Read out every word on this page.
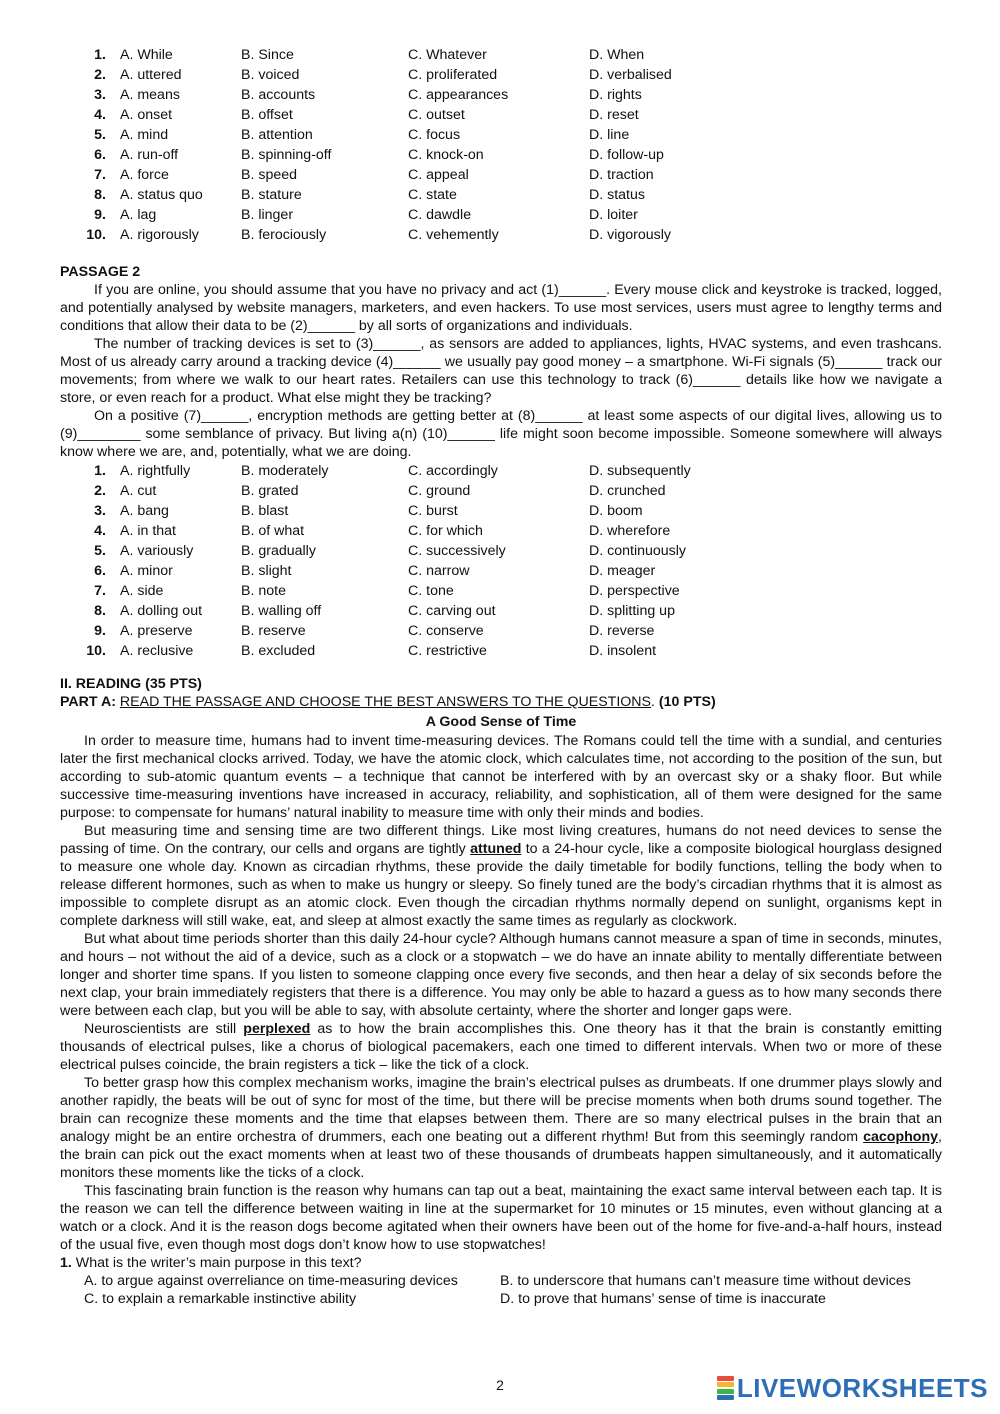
1.	A. While	B. Since	C. Whatever	D. When
2.	A. uttered	B. voiced	C. proliferated	D. verbalised
3.	A. means	B. accounts	C. appearances	D. rights
4.	A. onset	B. offset	C. outset	D. reset
5.	A. mind	B. attention	C. focus	D. line
6.	A. run-off	B. spinning-off	C. knock-on	D. follow-up
7.	A. force	B. speed	C. appeal	D. traction
8.	A. status quo	B. stature	C. state	D. status
9.	A. lag	B. linger	C. dawdle	D. loiter
10.	A. rigorously	B. ferociously	C. vehemently	D. vigorously
PASSAGE 2

If you are online, you should assume that you have no privacy and act (1)______. Every mouse click and keystroke is tracked, logged, and potentially analysed by website managers, marketers, and even hackers. To use most services, users must agree to lengthy terms and conditions that allow their data to be (2)______ by all sorts of organizations and individuals.

The number of tracking devices is set to (3)______, as sensors are added to appliances, lights, HVAC systems, and even trashcans. Most of us already carry around a tracking device (4)______ we usually pay good money – a smartphone. Wi-Fi signals (5)______ track our movements; from where we walk to our heart rates. Retailers can use this technology to track (6)______ details like how we navigate a store, or even reach for a product. What else might they be tracking?

On a positive (7)______, encryption methods are getting better at (8)______ at least some aspects of our digital lives, allowing us to (9)________ some semblance of privacy. But living a(n) (10)______ life might soon become impossible. Someone somewhere will always know where we are, and, potentially, what we are doing.

1.	A. rightfully	B. moderately	C. accordingly	D. subsequently
2.	A. cut	B. grated	C. ground	D. crunched
3.	A. bang	B. blast	C. burst	D. boom
4.	A. in that	B. of what	C. for which	D. wherefore
5.	A. variously	B. gradually	C. successively	D. continuously
6.	A. minor	B. slight	C. narrow	D. meager
7.	A. side	B. note	C. tone	D. perspective
8.	A. dolling out	B. walling off	C. carving out	D. splitting up
9.	A. preserve	B. reserve	C. conserve	D. reverse
10.	A. reclusive	B. excluded	C. restrictive	D. insolent
II. READING (35 PTS)
PART A: READ THE PASSAGE AND CHOOSE THE BEST ANSWERS TO THE QUESTIONS. (10 PTS)
A Good Sense of Time

In order to measure time, humans had to invent time-measuring devices. The Romans could tell the time with a sundial, and centuries later the first mechanical clocks arrived. Today, we have the atomic clock, which calculates time, not according to the position of the sun, but according to sub-atomic quantum events – a technique that cannot be interfered with by an overcast sky or a shaky floor. But while successive time-measuring inventions have increased in accuracy, reliability, and sophistication, all of them were designed for the same purpose: to compensate for humans’ natural inability to measure time with only their minds and bodies.

But measuring time and sensing time are two different things. Like most living creatures, humans do not need devices to sense the passing of time. On the contrary, our cells and organs are tightly attuned to a 24-hour cycle, like a composite biological hourglass designed to measure one whole day. Known as circadian rhythms, these provide the daily timetable for bodily functions, telling the body when to release different hormones, such as when to make us hungry or sleepy. So finely tuned are the body’s circadian rhythms that it is almost as impossible to complete disrupt as an atomic clock. Even though the circadian rhythms normally depend on sunlight, organisms kept in complete darkness will still wake, eat, and sleep at almost exactly the same times as regularly as clockwork.

But what about time periods shorter than this daily 24-hour cycle? Although humans cannot measure a span of time in seconds, minutes, and hours – not without the aid of a device, such as a clock or a stopwatch – we do have an innate ability to mentally differentiate between longer and shorter time spans. If you listen to someone clapping once every five seconds, and then hear a delay of six seconds before the next clap, your brain immediately registers that there is a difference. You may only be able to hazard a guess as to how many seconds there were between each clap, but you will be able to say, with absolute certainty, where the shorter and longer gaps were.

Neuroscientists are still perplexed as to how the brain accomplishes this. One theory has it that the brain is constantly emitting thousands of electrical pulses, like a chorus of biological pacemakers, each one timed to different intervals. When two or more of these electrical pulses coincide, the brain registers a tick – like the tick of a clock.

To better grasp how this complex mechanism works, imagine the brain’s electrical pulses as drumbeats. If one drummer plays slowly and another rapidly, the beats will be out of sync for most of the time, but there will be precise moments when both drums sound together. The brain can recognize these moments and the time that elapses between them. There are so many electrical pulses in the brain that an analogy might be an entire orchestra of drummers, each one beating out a different rhythm! But from this seemingly random cacophony, the brain can pick out the exact moments when at least two of these thousands of drumbeats happen simultaneously, and it automatically monitors these moments like the ticks of a clock.

This fascinating brain function is the reason why humans can tap out a beat, maintaining the exact same interval between each tap. It is the reason we can tell the difference between waiting in line at the supermarket for 10 minutes or 15 minutes, even without glancing at a watch or a clock. And it is the reason dogs become agitated when their owners have been out of the home for five-and-a-half hours, instead of the usual five, even though most dogs don’t know how to use stopwatches!

1. What is the writer’s main purpose in this text?
A. to argue against overreliance on time-measuring devices	B. to underscore that humans can’t measure time without devices
C. to explain a remarkable instinctive ability	D. to prove that humans’ sense of time is inaccurate
2	LIVEWORKSHEETS
